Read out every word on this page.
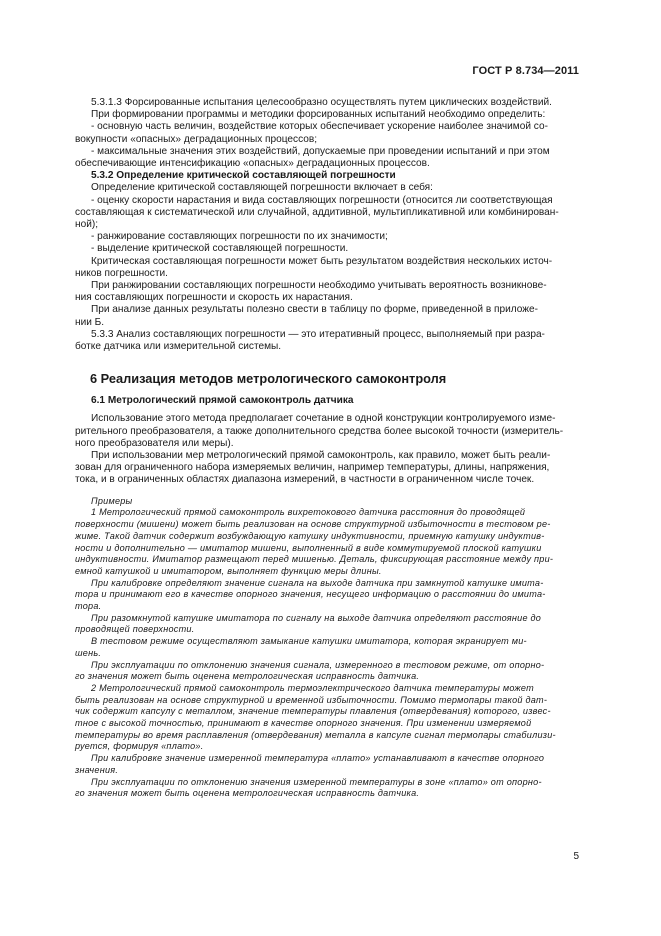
ГОСТ Р 8.734—2011

5.3.1.3 Форсированные испытания целесообразно осуществлять путем циклических воздействий.

При формировании программы и методики форсированных испытаний необходимо определить:

- основную часть величин, воздействие которых обеспечивает ускорение наиболее значимой со-

вокупности «опасных» деградационных процессов;

- максимальные значения этих воздействий, допускаемые при проведении испытаний и при этом

обеспечивающие интенсификацию «опасных» деградационных процессов.

5.3.2 Определение критической составляющей погрешности

Определение критической составляющей погрешности включает в себя:

- оценку скорости нарастания и вида составляющих погрешности (относится ли соответствующая

составляющая к систематической или случайной, аддитивной, мультипликативной или комбинирован-

ной);

- ранжирование составляющих погрешности по их значимости;

- выделение критической составляющей погрешности.

Критическая составляющая погрешности может быть результатом воздействия нескольких источ-

ников погрешности.

При ранжировании составляющих погрешности необходимо учитывать вероятность возникнове-

ния составляющих погрешности и скорость их нарастания.

При анализе данных результаты полезно свести в таблицу по форме, приведенной в приложе-

нии Б.

5.3.3 Анализ составляющих погрешности — это итеративный процесс, выполняемый при разра-

ботке датчика или измерительной системы.

6 Реализация методов метрологического самоконтроля

6.1 Метрологический прямой самоконтроль датчика

Использование этого метода предполагает сочетание в одной конструкции контролируемого изме-

рительного преобразователя, а также дополнительного средства более высокой точности (измеритель-

ного преобразователя или меры).

При использовании мер метрологический прямой самоконтроль, как правило, может быть реали-

зован для ограниченного набора измеряемых величин, например температуры, длины, напряжения,

тока, и в ограниченных областях диапазона измерений, в частности в ограниченном числе точек.

Примеры

1 Метрологический прямой самоконтроль вихретокового датчика расстояния до проводящей

поверхности (мишени) может быть реализован на основе структурной избыточности в тестовом ре-

жиме. Такой датчик содержит возбуждающую катушку индуктивности, приемную катушку индуктив-

ности и дополнительно — имитатор мишени, выполненный в виде коммутируемой плоской катушки

индуктивности. Имитатор размещают перед мишенью. Деталь, фиксирующая расстояние между при-

емной катушкой и имитатором, выполняет функцию меры длины.

При калибровке определяют значение сигнала на выходе датчика при замкнутой катушке имита-

тора и принимают его в качестве опорного значения, несущего информацию о расстоянии до имита-

тора.

При разомкнутой катушке имитатора по сигналу на выходе датчика определяют расстояние до

проводящей поверхности.

В тестовом режиме осуществляют замыкание катушки имитатора, которая экранирует ми-

шень.

При эксплуатации по отклонению значения сигнала, измеренного в тестовом режиме, от опорно-

го значения может быть оценена метрологическая исправность датчика.

2 Метрологический прямой самоконтроль термоэлектрического датчика температуры может

быть реализован на основе структурной и временной избыточности. Помимо термопары такой дат-

чик содержит капсулу с металлом, значение температуры плавления (отвердевания) которого, извес-

тное с высокой точностью, принимают в качестве опорного значения. При изменении измеряемой

температуры во время расплавления (отвердевания) металла в капсуле сигнал термопары стабилизи-

руется, формируя «плато».

При калибровке значение измеренной температура «плато» устанавливают в качестве опорного

значения.

При эксплуатации по отклонению значения измеренной температуры в зоне «плато» от опорно-

го значения может быть оценена метрологическая исправность датчика.

5
